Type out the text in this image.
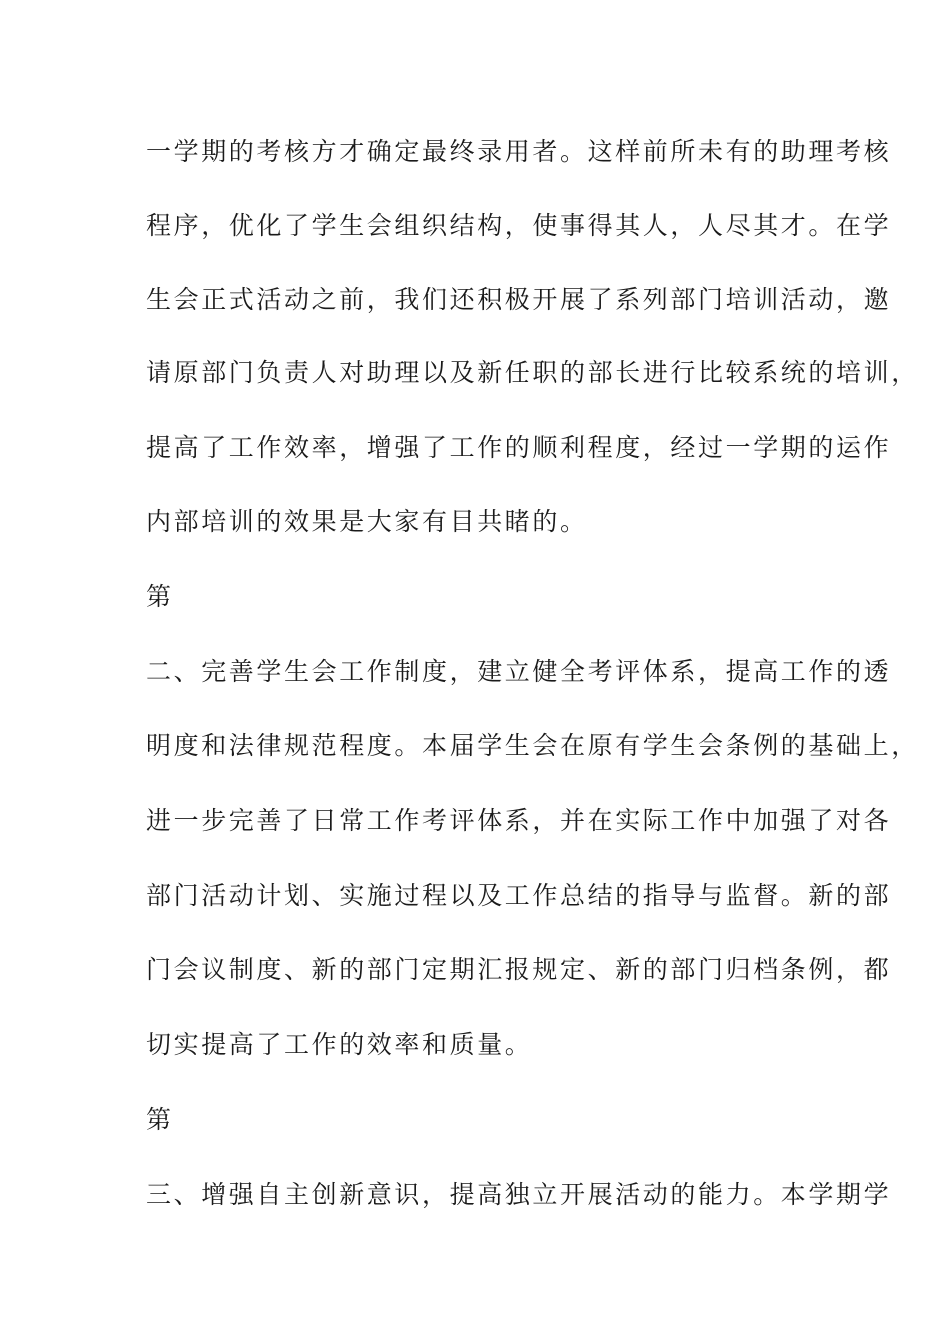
一学期的考核方才确定最终录用者。这样前所未有的助理考核
程序，优化了学生会组织结构，使事得其人，人尽其才。在学
生会正式活动之前，我们还积极开展了系列部门培训活动，邀
请原部门负责人对助理以及新任职的部长进行比较系统的培训，
提高了工作效率，增强了工作的顺利程度，经过一学期的运作
内部培训的效果是大家有目共睹的。
第
二、完善学生会工作制度，建立健全考评体系，提高工作的透
明度和法律规范程度。本届学生会在原有学生会条例的基础上，
进一步完善了日常工作考评体系，并在实际工作中加强了对各
部门活动计划、实施过程以及工作总结的指导与监督。新的部
门会议制度、新的部门定期汇报规定、新的部门归档条例，都
切实提高了工作的效率和质量。
第
三、增强自主创新意识，提高独立开展活动的能力。本学期学
